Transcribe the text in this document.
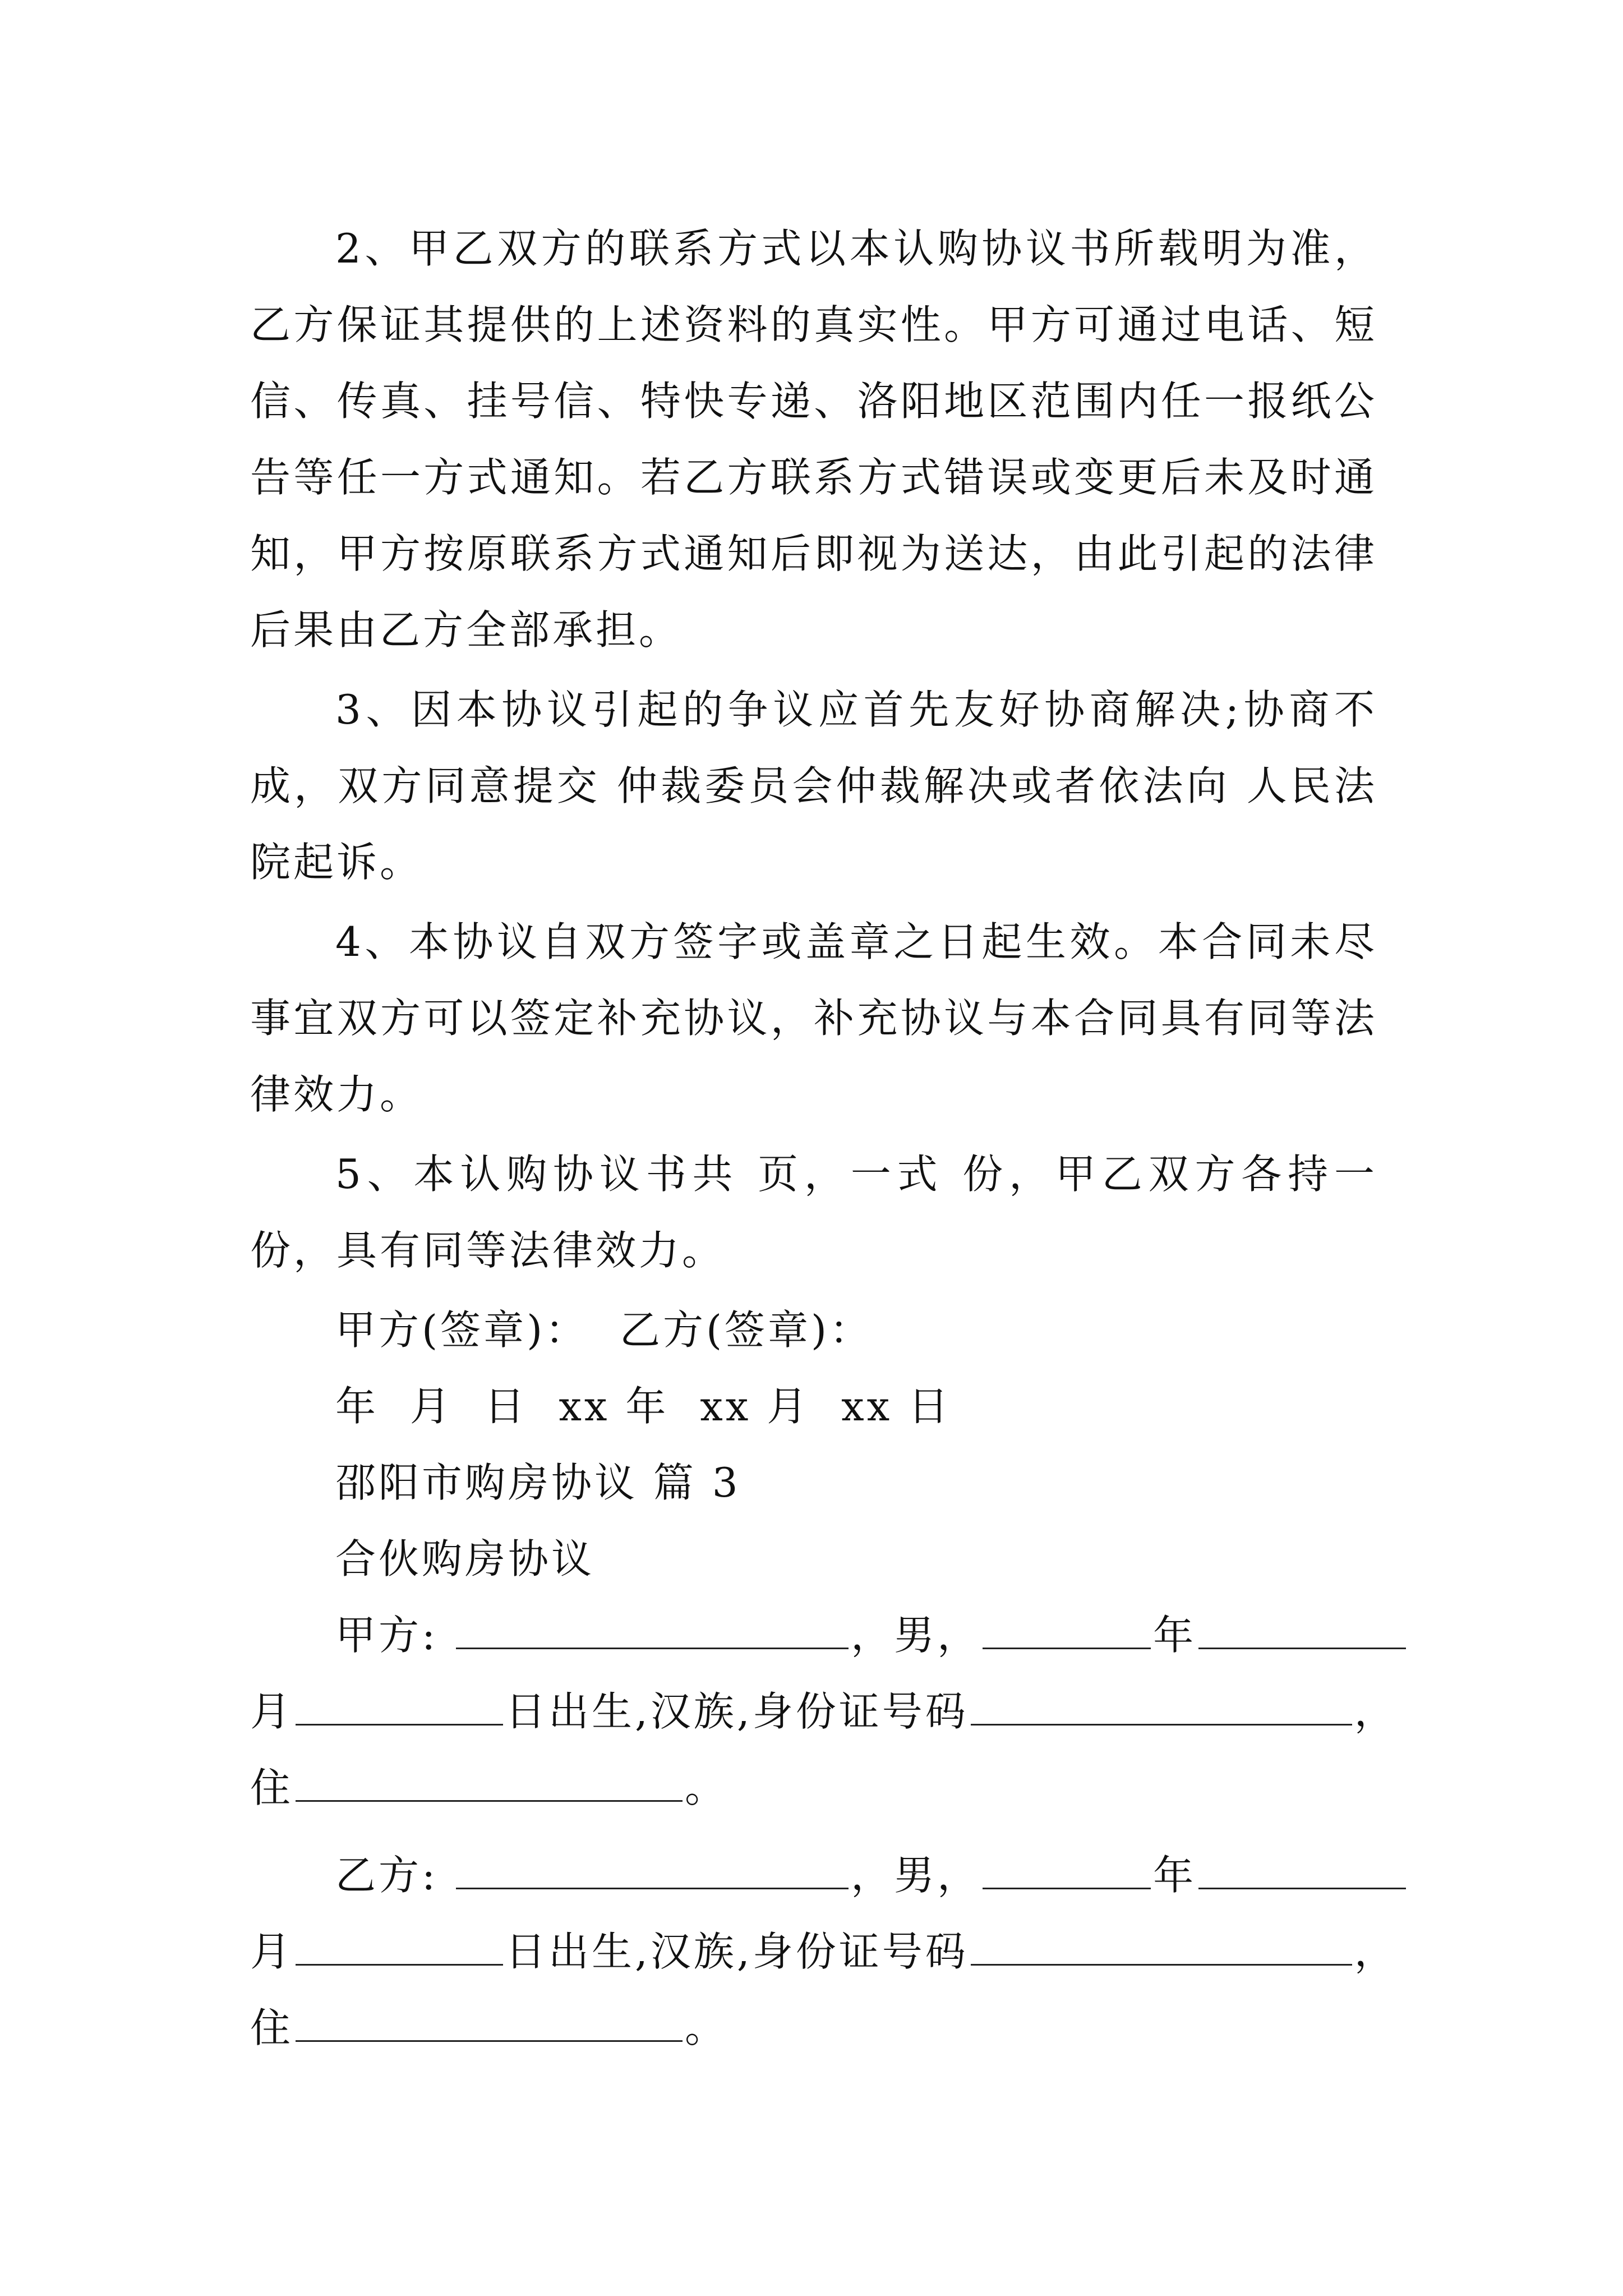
2、甲乙双方的联系方式以本认购协议书所载明为准，乙方保证其提供的上述资料的真实性。甲方可通过电话、短信、传真、挂号信、特快专递、洛阳地区范围内任一报纸公告等任一方式通知。若乙方联系方式错误或变更后未及时通知，甲方按原联系方式通知后即视为送达，由此引起的法律后果由乙方全部承担。

3、因本协议引起的争议应首先友好协商解决;协商不成，双方同意提交 仲裁委员会仲裁解决或者依法向 人民法院起诉。

4、本协议自双方签字或盖章之日起生效。本合同未尽事宜双方可以签定补充协议，补充协议与本合同具有同等法律效力。

5、本认购协议书共 页，一式 份，甲乙双方各持一份，具有同等法律效力。

甲方(签章)：  乙方(签章)：

年  月  日  xx 年  xx 月  xx 日

邵阳市购房协议 篇 3

合伙购房协议

甲方:	，男，	年

月	日出生,汉族,身份证号码	，

住	。

乙方:	，男，	年

月	日出生,汉族,身份证号码	，

住	。
